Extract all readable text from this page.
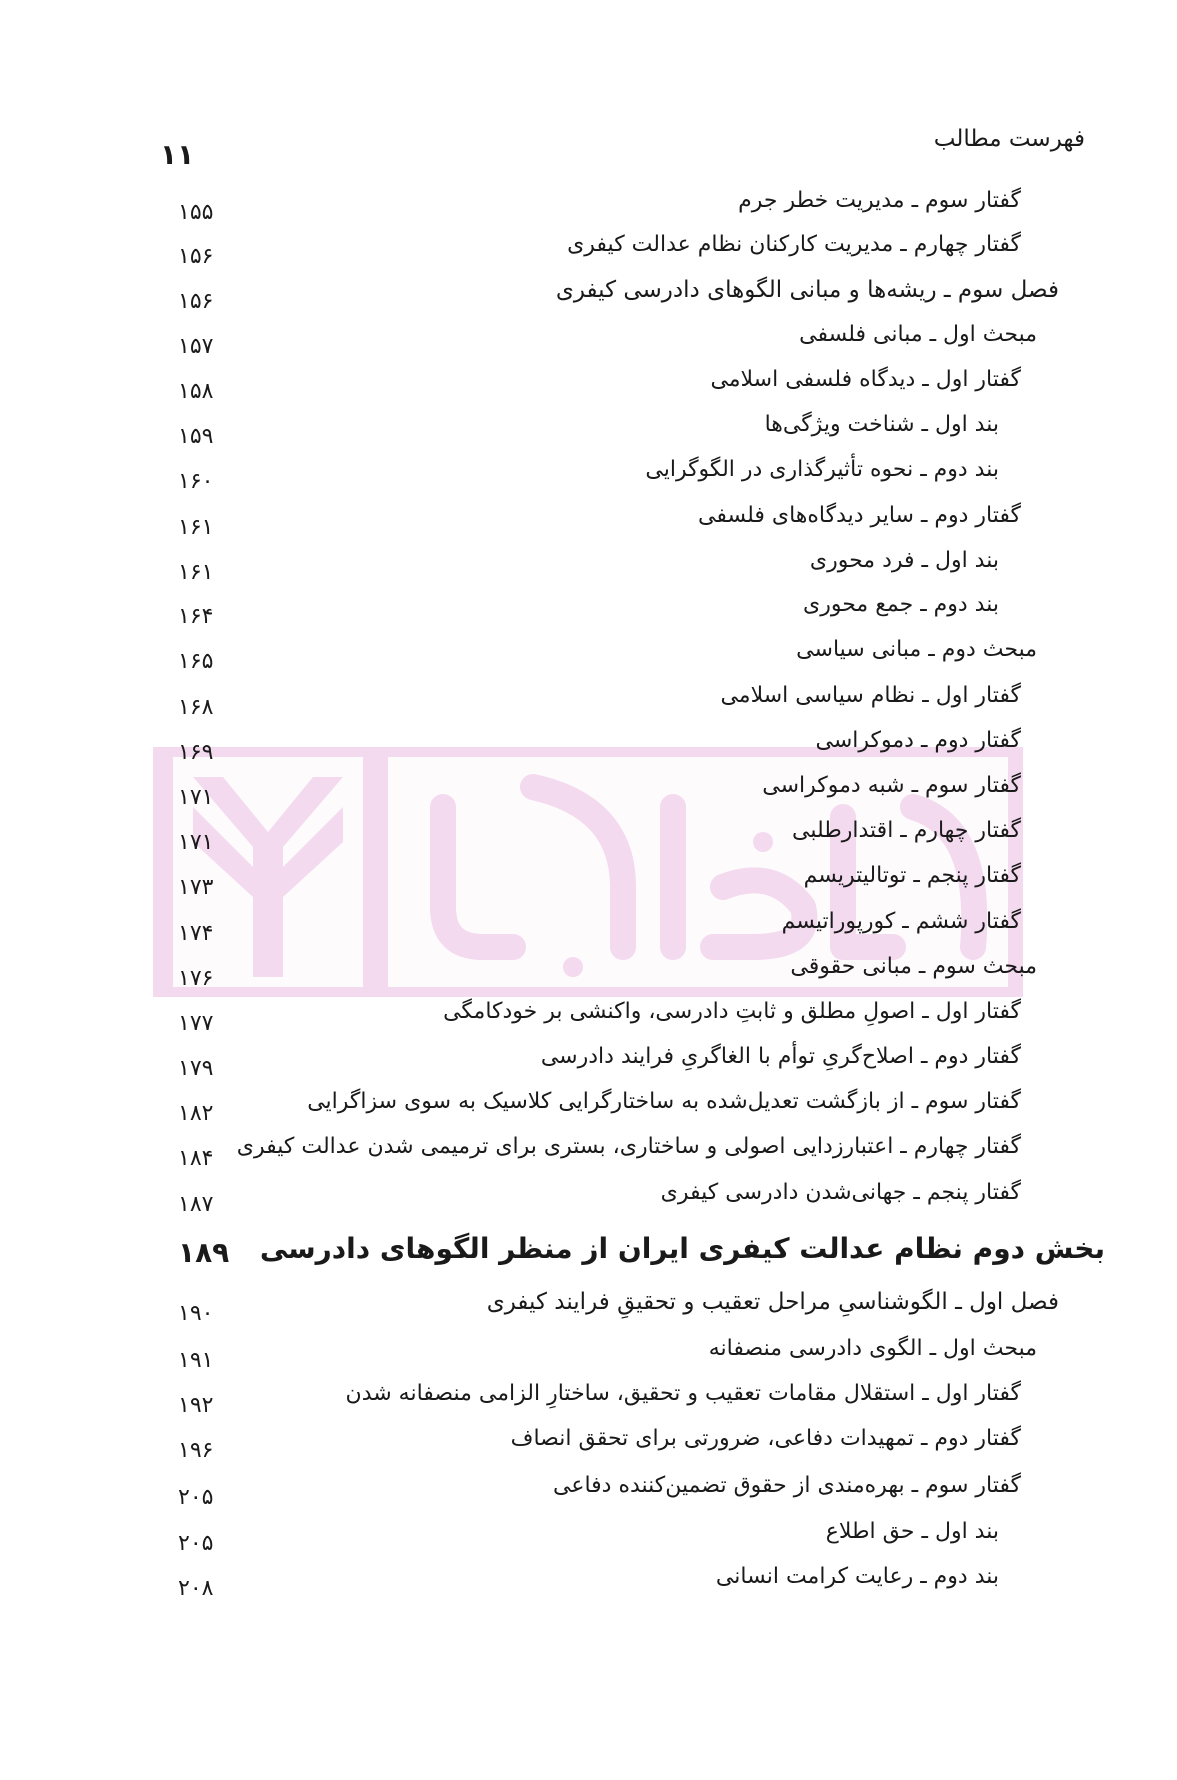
فهرست مطالب
۱۱
گفتار سوم ـ مدیریت خطر جرم
۱۵۵
گفتار چهارم ـ مدیریت کارکنان نظام عدالت کیفری
۱۵۶
فصل سوم ـ ریشه‌ها و مبانی الگوهای دادرسی کیفری
۱۵۶
مبحث اول ـ مبانی فلسفی
۱۵۷
گفتار اول ـ دیدگاه فلسفی اسلامی
۱۵۸
بند اول ـ شناخت ویژگی‌ها
۱۵۹
بند دوم ـ نحوه تأثیرگذاری در الگوگرایی
۱۶۰
گفتار دوم ـ سایر دیدگاه‌های فلسفی
۱۶۱
بند اول ـ فرد محوری
۱۶۱
بند دوم ـ جمع محوری
۱۶۴
مبحث دوم ـ مبانی سیاسی
۱۶۵
گفتار اول ـ نظام سیاسی اسلامی
۱۶۸
گفتار دوم ـ دموکراسی
۱۶۹
گفتار سوم ـ شبه دموکراسی
۱۷۱
گفتار چهارم ـ اقتدارطلبی
۱۷۱
گفتار پنجم ـ توتالیتریسم
۱۷۳
گفتار ششم ـ کورپوراتیسم
۱۷۴
مبحث سوم ـ مبانی حقوقی
۱۷۶
گفتار اول ـ اصولِ مطلق و ثابتِ دادرسی، واکنشی بر خودکامگی
۱۷۷
گفتار دوم ـ اصلاح‌گریِ توأم با الغاگریِ فرایند دادرسی
۱۷۹
گفتار سوم ـ از بازگشت تعدیل‌شده به ساختارگرایی کلاسیک به سوی سزاگرایی
۱۸۲
گفتار چهارم ـ اعتبارزدایی اصولی و ساختاری، بستری برای ترمیمی شدن عدالت کیفری
۱۸۴
گفتار پنجم ـ جهانی‌شدن دادرسی کیفری
۱۸۷
بخش دوم نظام عدالت کیفری ایران از منظر الگوهای دادرسی
۱۸۹
فصل اول ـ الگوشناسیِ مراحل تعقیب و تحقیقِ فرایند کیفری
۱۹۰
مبحث اول ـ الگوی دادرسی منصفانه
۱۹۱
گفتار اول ـ استقلال مقامات تعقیب و تحقیق، ساختارِ الزامی منصفانه شدن
۱۹۲
گفتار دوم ـ تمهیدات دفاعی، ضرورتی برای تحقق انصاف
۱۹۶
گفتار سوم ـ بهره‌مندی از حقوق تضمین‌کننده دفاعی
۲۰۵
بند اول ـ حق اطلاع
۲۰۵
بند دوم ـ رعایت کرامت انسانی
۲۰۸
